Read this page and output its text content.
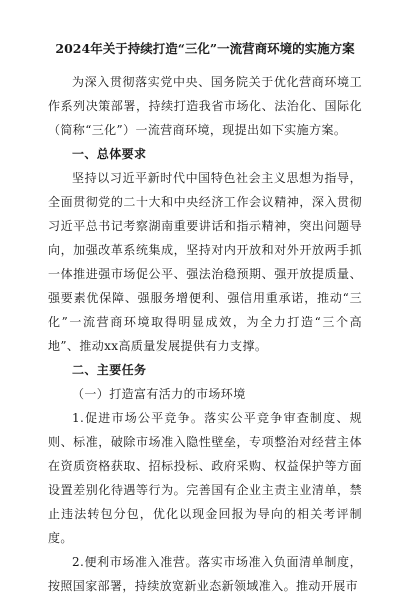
2024年关于持续打造“三化”一流营商环境的实施方案

为深入贯彻落实党中央、国务院关于优化营商环境工作系列决策部署，持续打造我省市场化、法治化、国际化（简称“三化”）一流营商环境，现提出如下实施方案。

一、总体要求

坚持以习近平新时代中国特色社会主义思想为指导，全面贯彻党的二十大和中央经济工作会议精神，深入贯彻习近平总书记考察湖南重要讲话和指示精神，突出问题导向，加强改革系统集成，坚持对内开放和对外开放两手抓一体推进强市场促公平、强法治稳预期、强开放提质量、强要素优保障、强服务增便利、强信用重承诺，推动“三化”一流营商环境取得明显成效，为全力打造“三个高地”、推动xx高质量发展提供有力支撑。

二、主要任务

（一）打造富有活力的市场环境

1.促进市场公平竞争。落实公平竞争审查制度、规则、标准，破除市场准入隐性壁垒，专项整治对经营主体在资质资格获取、招标投标、政府采购、权益保护等方面设置差别化待遇等行为。完善国有企业主责主业清单，禁止违法转包分包，优化以现金回报为导向的相关考评制度。

2.便利市场准入准营。落实市场准入负面清单制度，按照国家部署，持续放宽新业态新领域准入。推动开展市
